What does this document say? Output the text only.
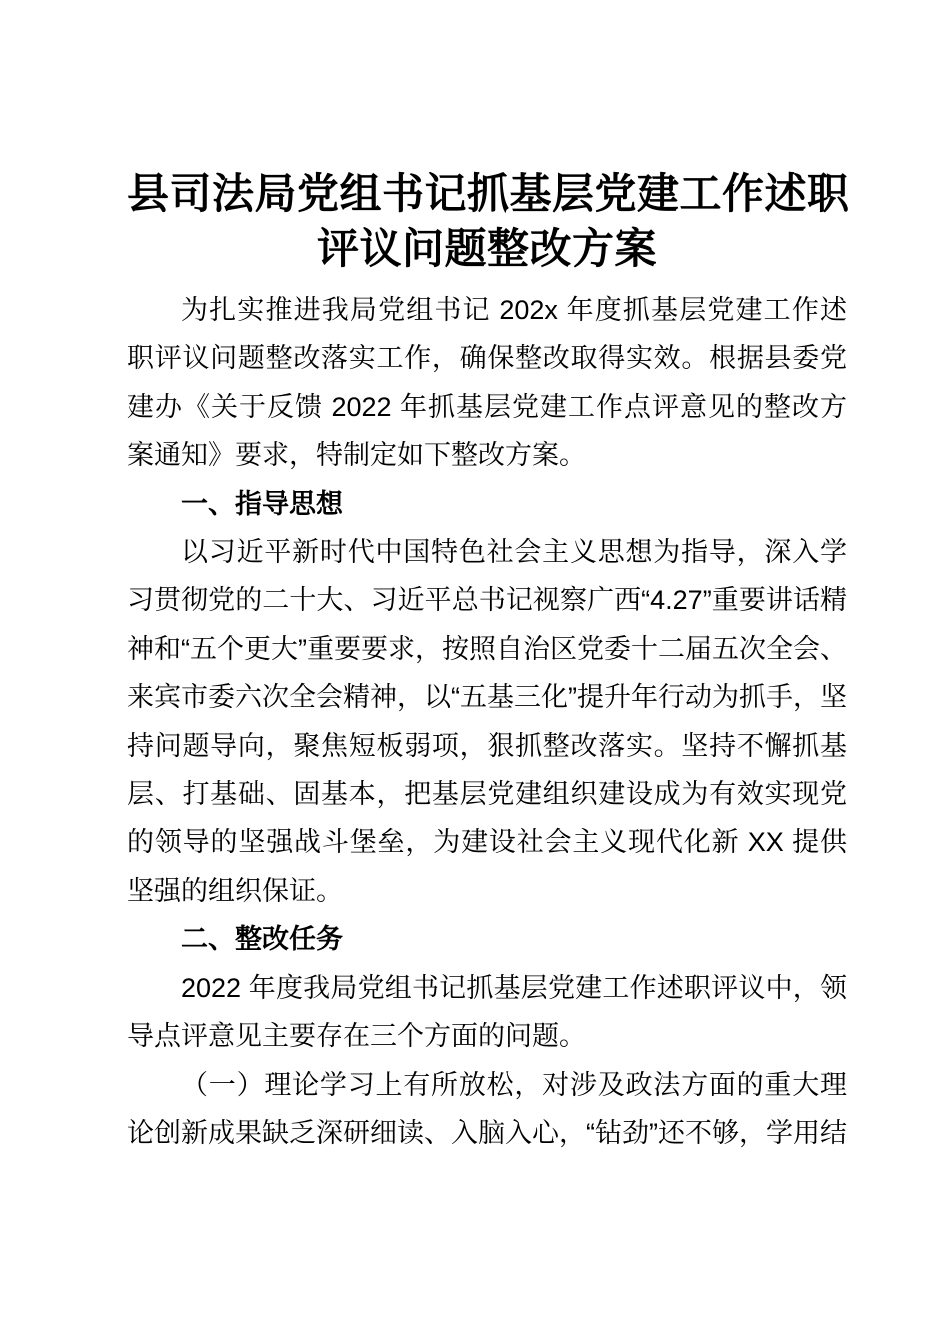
县司法局党组书记抓基层党建工作述职
评议问题整改方案

为扎实推进我局党组书记 202x 年度抓基层党建工作述职评议问题整改落实工作，确保整改取得实效。根据县委党建办《关于反馈 2022 年抓基层党建工作点评意见的整改方案通知》要求，特制定如下整改方案。

一、指导思想

以习近平新时代中国特色社会主义思想为指导，深入学习贯彻党的二十大、习近平总书记视察广西“4.27”重要讲话精神和“五个更大”重要要求，按照自治区党委十二届五次全会、来宾市委六次全会精神，以“五基三化”提升年行动为抓手，坚持问题导向，聚焦短板弱项，狠抓整改落实。坚持不懈抓基层、打基础、固基本，把基层党建组织建设成为有效实现党的领导的坚强战斗堡垒，为建设社会主义现代化新 XX 提供坚强的组织保证。

二、整改任务

2022 年度我局党组书记抓基层党建工作述职评议中，领导点评意见主要存在三个方面的问题。

（一）理论学习上有所放松，对涉及政法方面的重大理论创新成果缺乏深研细读、入脑入心，“钻劲”还不够，学用结
